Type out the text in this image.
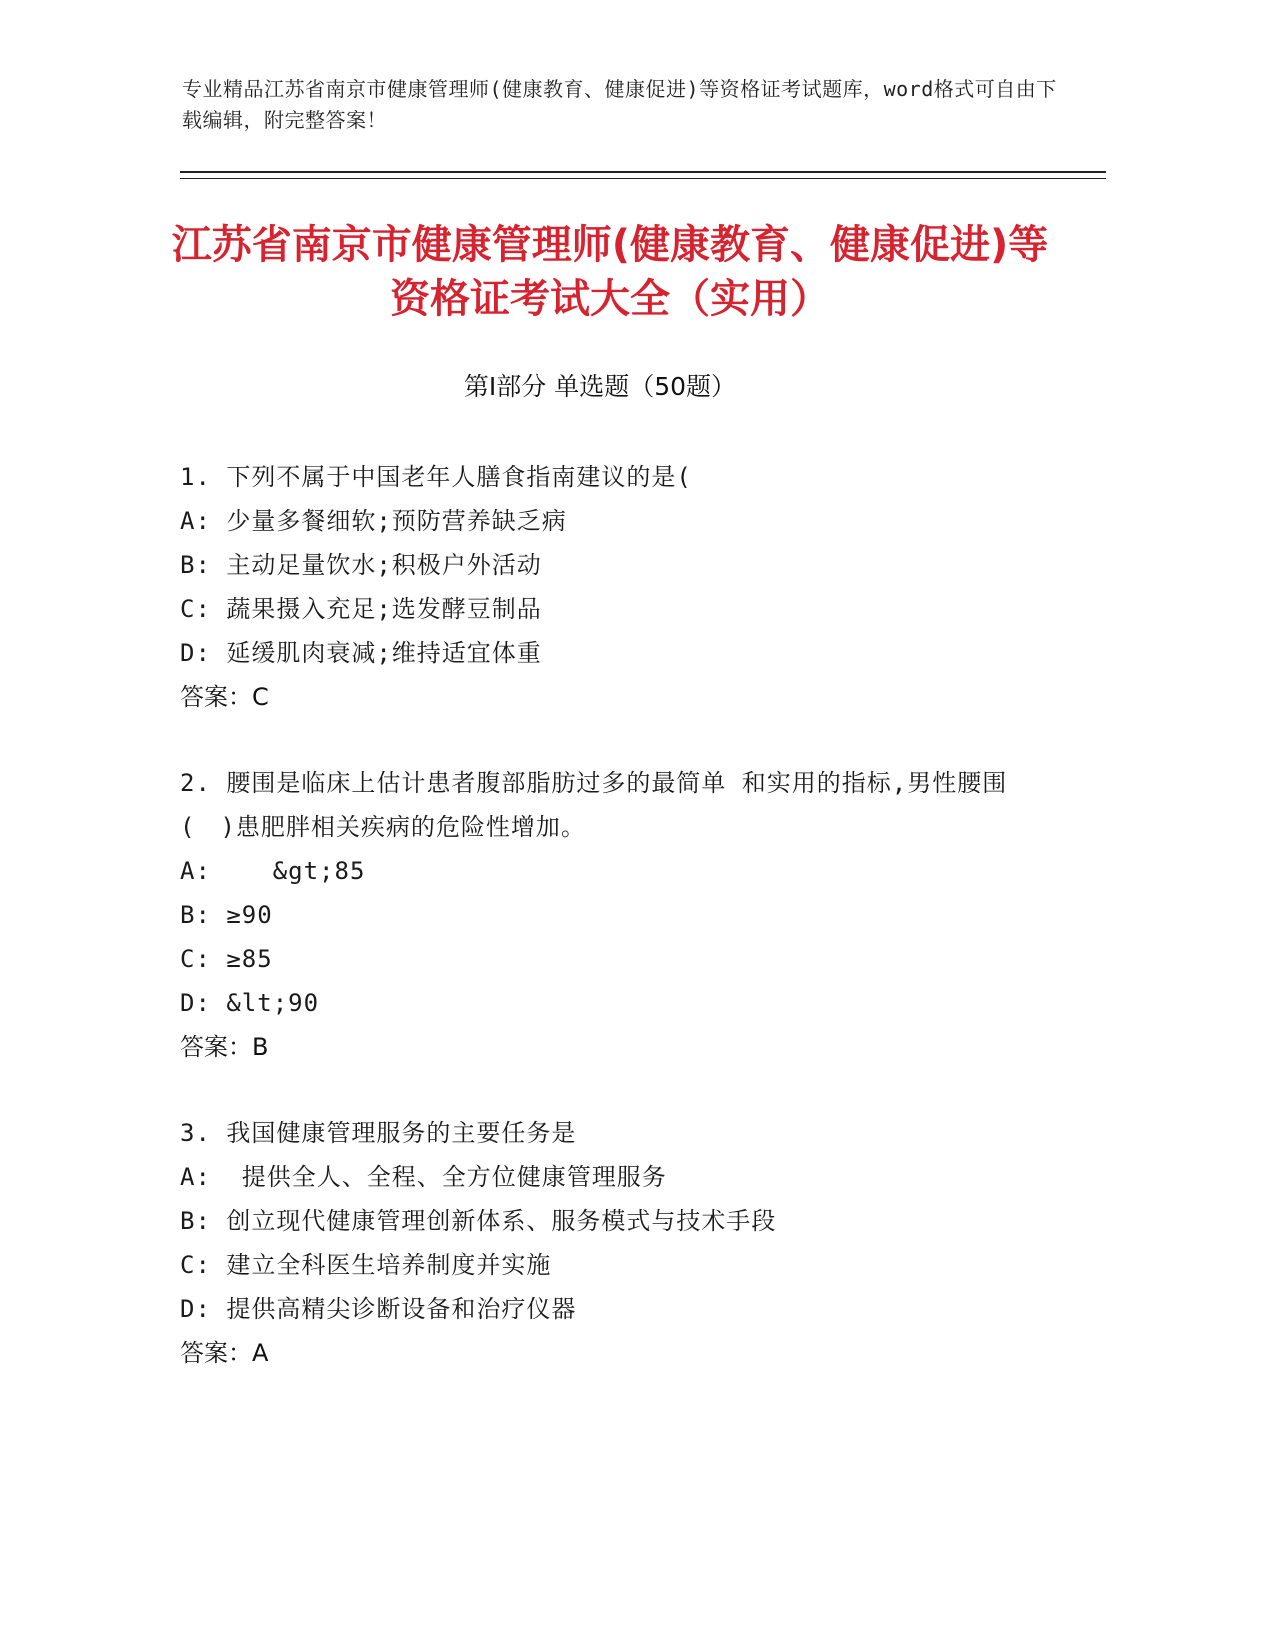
专业精品江苏省南京市健康管理师(健康教育、健康促进)等资格证考试题库，word格式可自由下载编辑，附完整答案！
江苏省南京市健康管理师(健康教育、健康促进)等资格证考试大全（实用）
第Ⅰ部分 单选题（50题）
1. 下列不属于中国老年人膳食指南建议的是(
A: 少量多餐细软;预防营养缺乏病
B: 主动足量饮水;积极户外活动
C: 蔬果摄入充足;选发酵豆制品
D: 延缓肌肉衰减;维持适宜体重
答案：C
2. 腰围是临床上估计患者腹部脂肪过多的最简单 和实用的指标,男性腰围(　)患肥胖相关疾病的危险性增加。
A:    &gt;85
B: ≥90
C: ≥85
D: &lt;90
答案：B
3. 我国健康管理服务的主要任务是
A:  提供全人、全程、全方位健康管理服务
B: 创立现代健康管理创新体系、服务模式与技术手段
C: 建立全科医生培养制度并实施
D: 提供高精尖诊断设备和治疗仪器
答案：A
